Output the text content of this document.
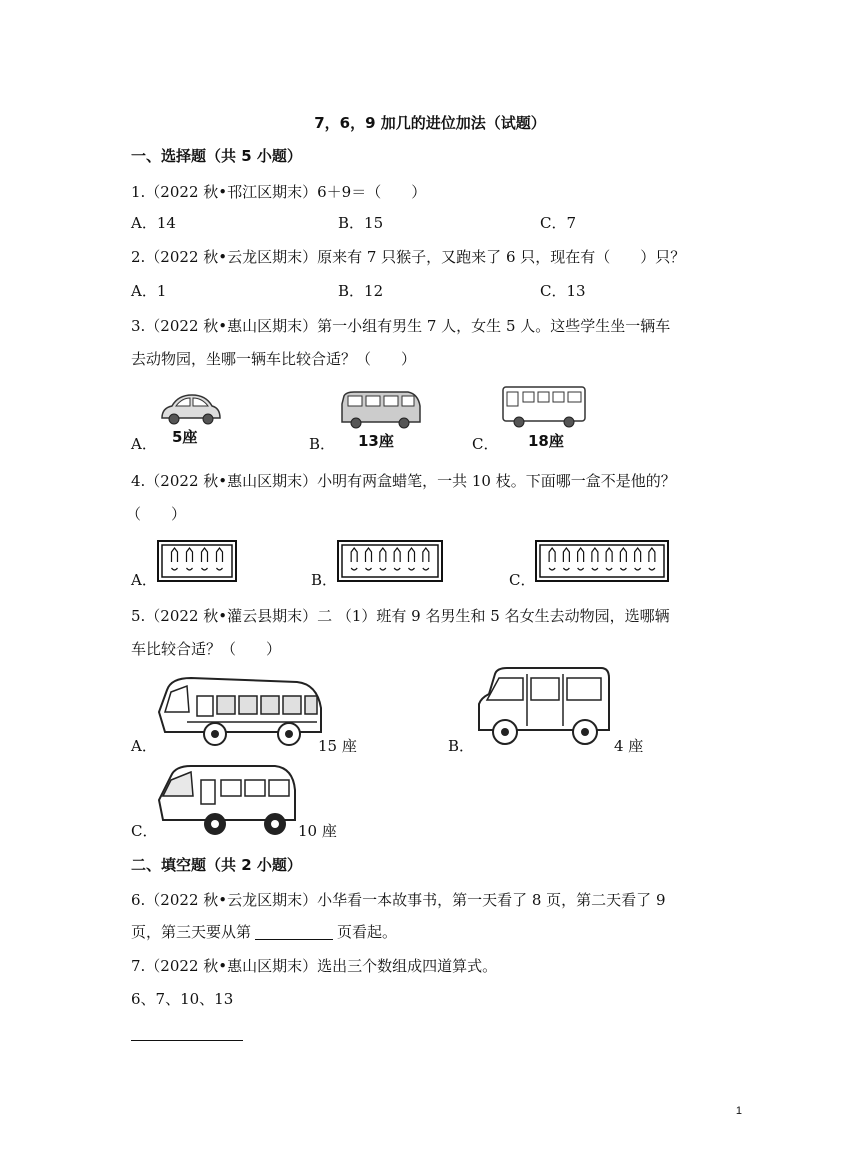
7，6，9 加几的进位加法（试题）
一、选择题（共 5 小题）
1.（2022 秋•邗江区期末）6＋9＝（　　）
A．14	B．15	C．7
2.（2022 秋•云龙区期末）原来有 7 只猴子，又跑来了 6 只，现在有（　　）只？
A．1	B．12	C．13
3.（2022 秋•惠山区期末）第一小组有男生 7 人，女生 5 人。这些学生坐一辆车
去动物园，坐哪一辆车比较合适？（　　）
A． 5座	B． 13座	C． 18座
4.（2022 秋•惠山区期末）小明有两盒蜡笔，一共 10 枝。下面哪一盒不是他的？
（　　）
A．	B．	C．
5.（2022 秋•灌云县期末）二 （1）班有 9 名男生和 5 名女生去动物园，选哪辆
车比较合适？（　　）
A．	15 座	B．	4 座
C．	10 座
二、填空题（共 2 小题）
6.（2022 秋•云龙区期末）小华看一本故事书，第一天看了 8 页，第二天看了 9
页，第三天要从第	页看起。
7.（2022 秋•惠山区期末）选出三个数组成四道算式。
6、7、10、13
1
